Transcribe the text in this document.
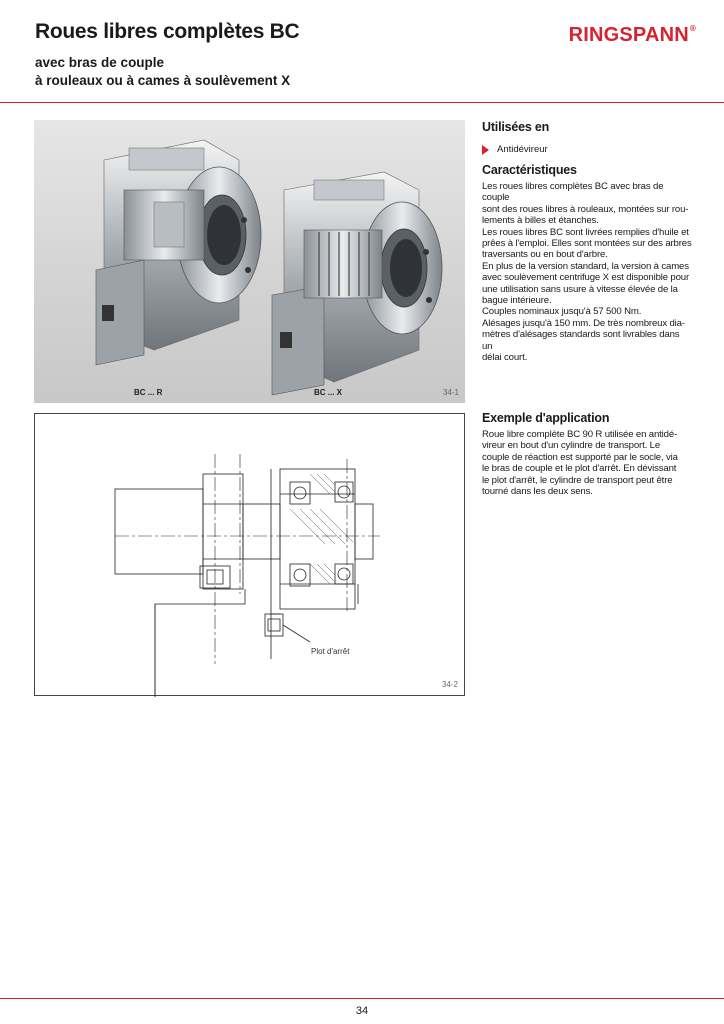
Roues libres complètes BC
avec bras de couple
à rouleaux ou à cames à soulèvement X
RINGSPANN®
BC ... R	BC ... X	34-1
Plot d'arrêt
34-2
Utilisées en
Antidévireur
Caractéristiques
Les roues libres complètes BC avec bras de couple
sont des roues libres à rouleaux, montées sur rou-
lements à billes et étanches.
Les roues libres BC sont livrées remplies d'huile et
prêes à l'emploi. Elles sont montées sur des arbres
traversants ou en bout d'arbre.
En plus de la version standard, la version à cames
avec soulèvement centrifuge X est disponible pour
une utilisation sans usure à vitesse élevée de la
bague intérieure.
Couples nominaux jusqu'à 57 500 Nm.
Alésages jusqu'à 150 mm. De très nombreux dia-
mètres d'alésages standards sont livrables dans un
délai court.
Exemple d'application
Roue libre complète BC 90 R utilisée en antidé-
vireur en bout d'un cylindre de transport. Le
couple de réaction est supporté par le socle, via
le bras de couple et le plot d'arrêt. En dévissant
le plot d'arrêt, le cylindre de transport peut être
tourné dans les deux sens.
34
